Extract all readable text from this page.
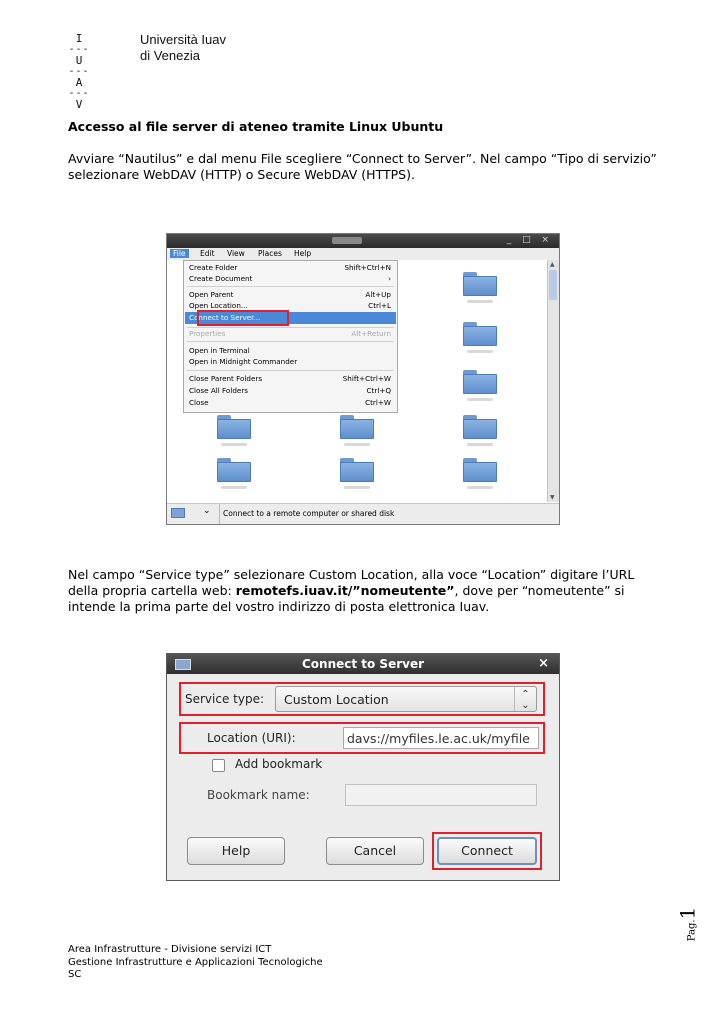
I
---
U
---
A
---
V
Università Iuav
di Venezia
Accesso al file server di ateneo tramite Linux Ubuntu
Avviare “Nautilus” e dal menu File scegliere “Connect to Server”. Nel campo “Tipo di servizio”
selezionare WebDAV (HTTP) o Secure WebDAV (HTTPS).
_ □ ×
File	Edit View Places Help
Create Folder	Shift+Ctrl+N
Create Document	›
Open Parent	Alt+Up
Open Location...	Ctrl+L
Connect to Server...
Properties	Alt+Return
Open in Terminal
Open in Midnight Commander
Close Parent Folders	Shift+Ctrl+W
Close All Folders	Ctrl+Q
Close	Ctrl+W
▲
▼
⌄ Connect to a remote computer or shared disk
Nel campo “Service type” selezionare Custom Location, alla voce “Location” digitare l’URL
della propria cartella web: remotefs.iuav.it/”nomeutente”, dove per “nomeutente” si
intende la prima parte del vostro indirizzo di posta elettronica Iuav.
Connect to Server	×
Service type: Custom Location	⌃
⌄
Location (URI):	davs://myfiles.le.ac.uk/myfile
Add bookmark
Bookmark name:
Help	Cancel	Connect
Pag.1
Area Infrastrutture - Divisione servizi ICT
Gestione Infrastrutture e Applicazioni Tecnologiche
SC
